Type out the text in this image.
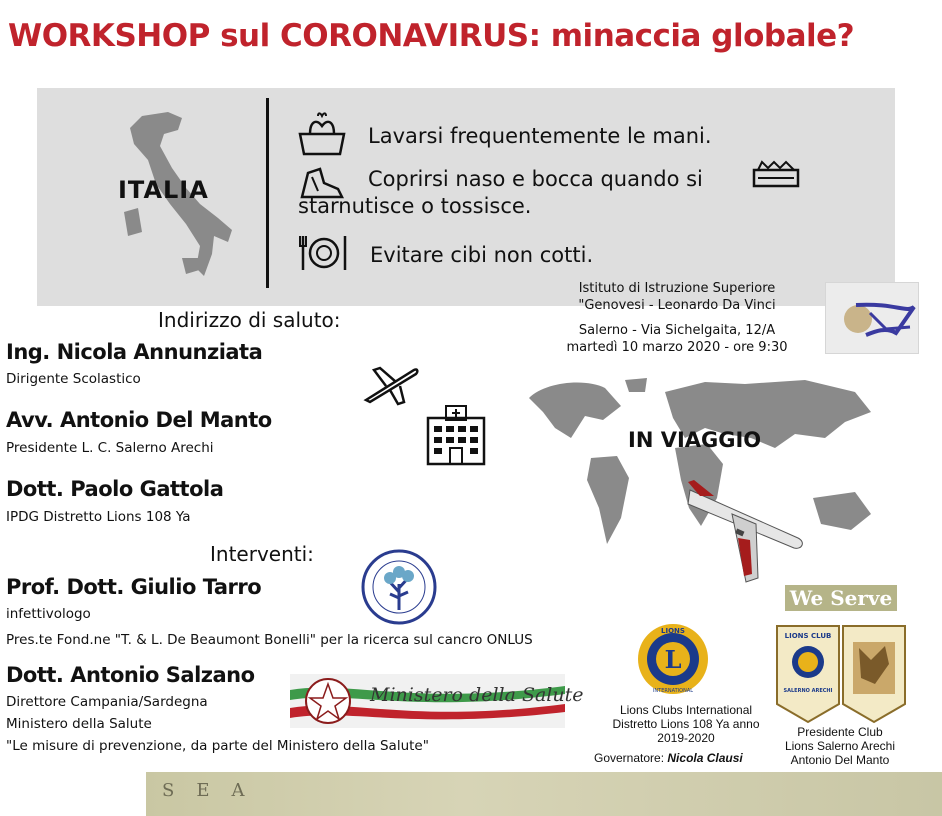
WORKSHOP sul CORONAVIRUS: minaccia globale?
ITALIA
Lavarsi frequentemente le mani.
Coprirsi naso e bocca quando si
starnutisce o tossisce.
Evitare cibi non cotti.
Istituto di Istruzione Superiore
"Genovesi - Leonardo Da Vinci
Salerno - Via Sichelgaita, 12/A
martedì 10 marzo 2020 - ore 9:30
Indirizzo di saluto:
Ing. Nicola Annunziata
Dirigente Scolastico
Avv. Antonio Del Manto
Presidente L. C. Salerno Arechi
Dott. Paolo Gattola
IPDG Distretto Lions 108 Ya
IN VIAGGIO
Interventi:
Prof. Dott. Giulio Tarro
infettivologo
Pres.te Fond.ne "T. & L. De Beaumont Bonelli" per la ricerca sul cancro ONLUS
Dott. Antonio Salzano
Direttore Campania/Sardegna
Ministero della Salute
"Le misure di prevenzione, da parte del Ministero della Salute"
Ministero della Salute
L
LIONS
INTERNATIONAL
Lions Clubs International
Distretto Lions 108 Ya anno
2019-2020
Governatore: Nicola Clausi
We Serve
LIONS CLUB
SALERNO ARECHI
Presidente Club
Lions Salerno Arechi
Antonio Del Manto
SEA
